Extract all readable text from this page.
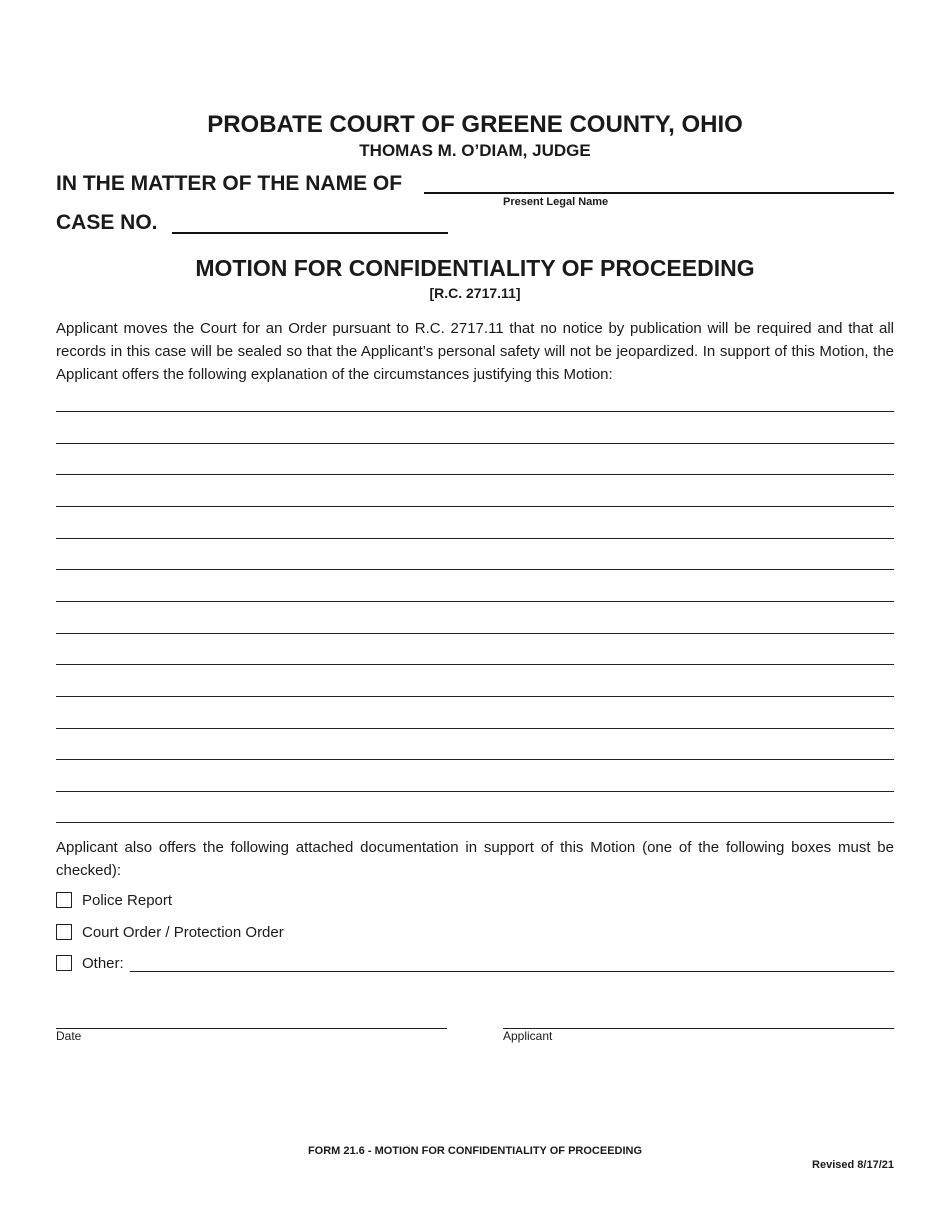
PROBATE COURT OF GREENE COUNTY, OHIO
THOMAS M. O’DIAM, JUDGE
IN THE MATTER OF THE NAME OF
Present Legal Name
CASE NO.
MOTION FOR CONFIDENTIALITY OF PROCEEDING
[R.C. 2717.11]
Applicant moves the Court for an Order pursuant to R.C. 2717.11 that no notice by publication will be required and that all records in this case will be sealed so that the Applicant’s personal safety will not be jeopardized. In support of this Motion, the Applicant offers the following explanation of the circumstances justifying this Motion:
Applicant also offers the following attached documentation in support of this Motion (one of the following boxes must be checked):
Police Report
Court Order / Protection Order
Other:
Date	Applicant
FORM 21.6 - MOTION FOR CONFIDENTIALITY OF PROCEEDING
Revised 8/17/21
